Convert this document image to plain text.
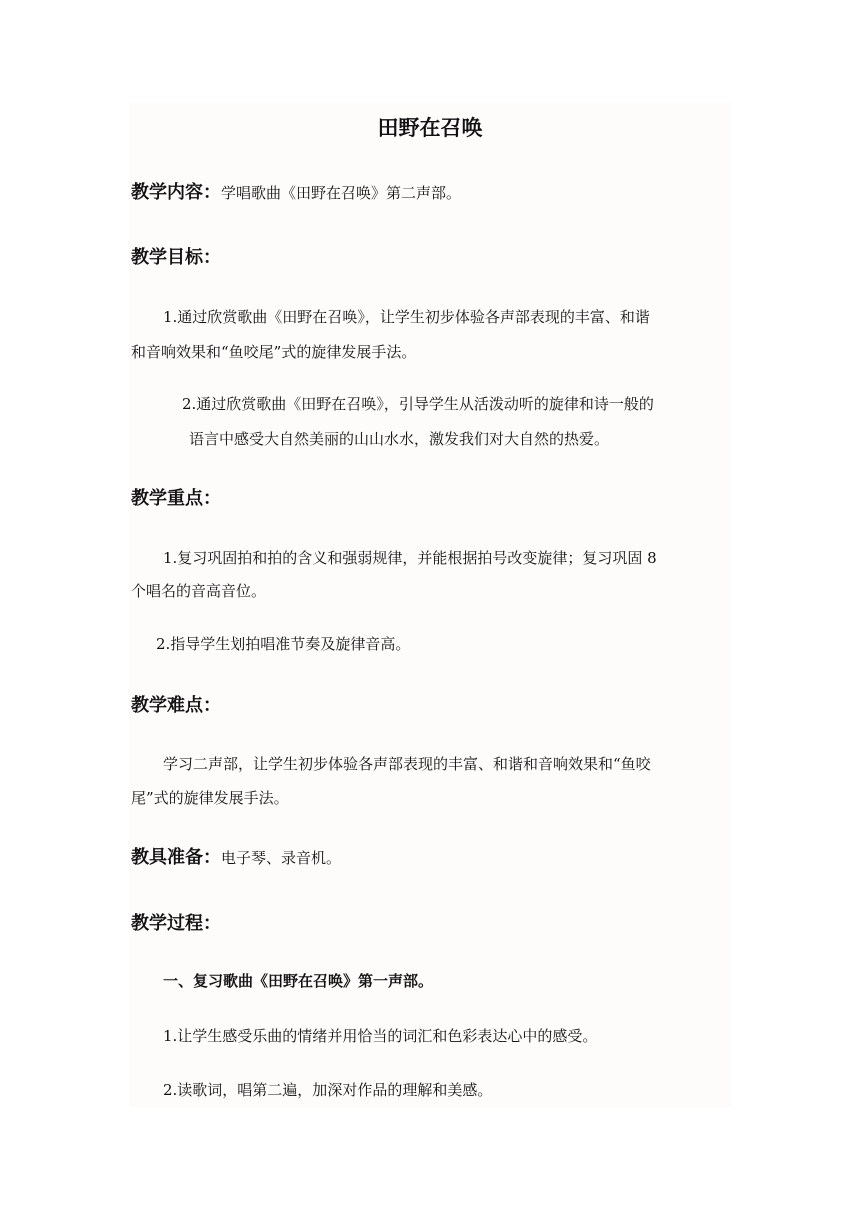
田野在召唤
教学内容：学唱歌曲《田野在召唤》第二声部。
教学目标：
1.通过欣赏歌曲《田野在召唤》，让学生初步体验各声部表现的丰富、和谐
和音响效果和“鱼咬尾”式的旋律发展手法。
2.通过欣赏歌曲《田野在召唤》，引导学生从活泼动听的旋律和诗一般的
语言中感受大自然美丽的山山水水，激发我们对大自然的热爱。
教学重点：
1.复习巩固拍和拍的含义和强弱规律，并能根据拍号改变旋律；复习巩固 8
个唱名的音高音位。
2.指导学生划拍唱准节奏及旋律音高。
教学难点：
学习二声部，让学生初步体验各声部表现的丰富、和谐和音响效果和“鱼咬
尾”式的旋律发展手法。
教具准备：电子琴、录音机。
教学过程：
一、复习歌曲《田野在召唤》第一声部。
1.让学生感受乐曲的情绪并用恰当的词汇和色彩表达心中的感受。
2.读歌词，唱第二遍，加深对作品的理解和美感。
